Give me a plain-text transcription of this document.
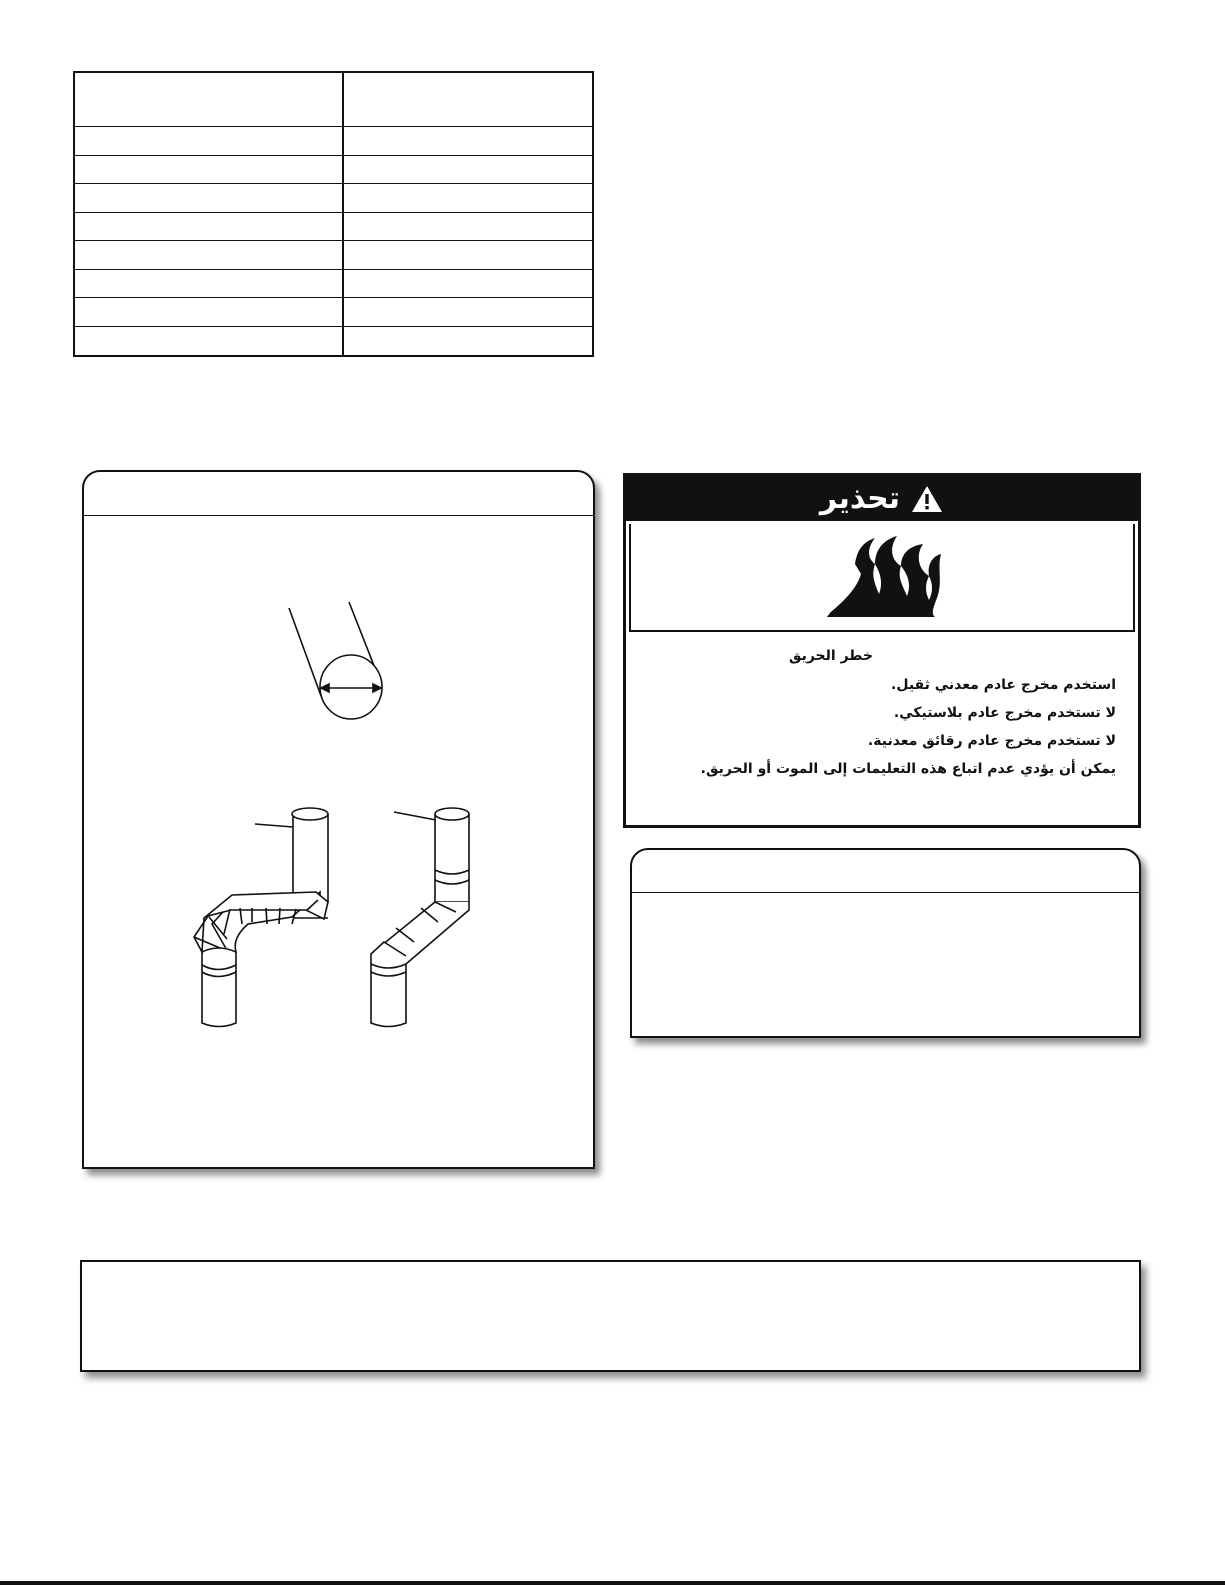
تحذير
خطر الحريق
استخدم مخرج عادم معدني ثقيل.
لا تستخدم مخرج عادم بلاستيكي.
لا تستخدم مخرج عادم رقائق معدنية.
يمكن أن يؤدي عدم اتباع هذه التعليمات إلى الموت أو الحريق.
